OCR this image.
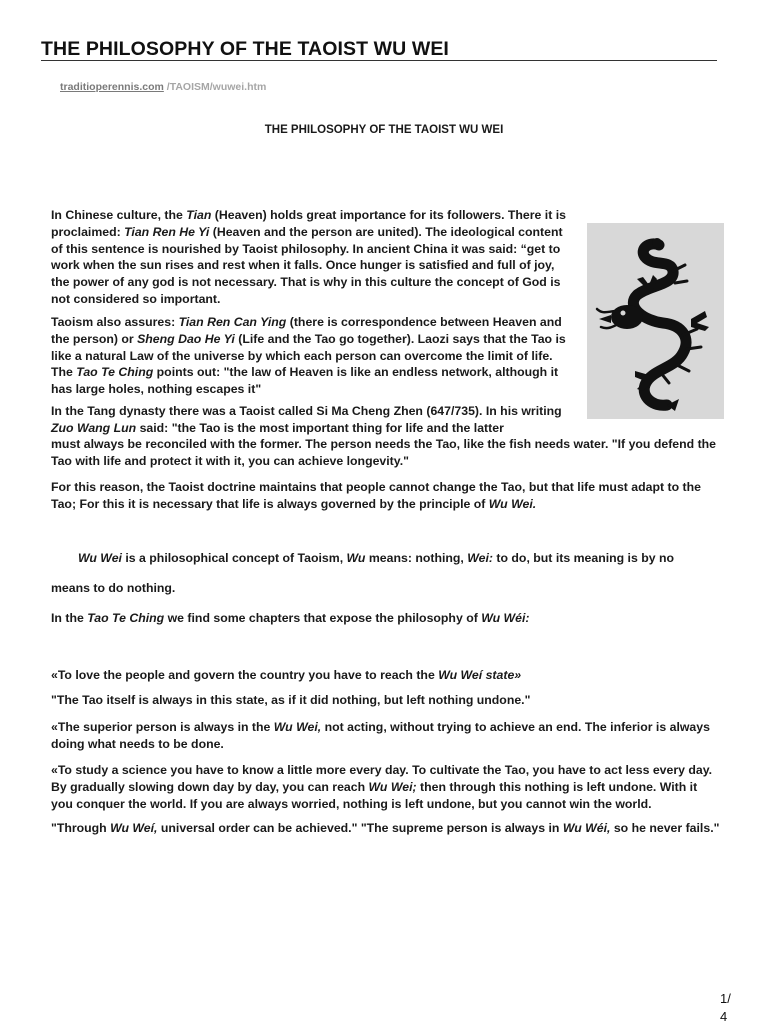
THE PHILOSOPHY OF THE TAOIST WU WEI
traditioperennis.com /TAOISM/wuwei.htm
THE PHILOSOPHY OF THE TAOIST WU WEI

In Chinese culture, the Tian (Heaven) holds great importance for its followers. There it is proclaimed: Tian Ren He Yi (Heaven and the person are united). The ideological content of this sentence is nourished by Taoist philosophy. In ancient China it was said: “get to work when the sun rises and rest when it falls. Once hunger is satisfied and full of joy, the power of any god is not necessary. That is why in this culture the concept of God is not considered so important.

Taoism also assures: Tian Ren Can Ying (there is correspondence between Heaven and the person) or Sheng Dao He Yi (Life and the Tao go together). Laozi says that the Tao is like a natural Law of the universe by which each person can overcome the limit of life. The Tao Te Ching points out: "the law of Heaven is like an endless network, although it has large holes, nothing escapes it"

In the Tang dynasty there was a Taoist called Si Ma Cheng Zhen (647/735). In his writing Zuo Wang Lun said: "the Tao is the most important thing for life and the latter

must always be reconciled with the former. The person needs the Tao, like the fish needs water. "If you defend the Tao with life and protect it with it, you can achieve longevity."

For this reason, the Taoist doctrine maintains that people cannot change the Tao, but that life must adapt to the Tao; For this it is necessary that life is always governed by the principle of Wu Wei.

Wu Wei is a philosophical concept of Taoism, Wu means: nothing, Wei: to do, but its meaning is by no

means to do nothing.

In the Tao Te Ching we find some chapters that expose the philosophy of Wu Wéi:

«To love the people and govern the country you have to reach the Wu Weí state»

"The Tao itself is always in this state, as if it did nothing, but left nothing undone."

«The superior person is always in the Wu Wei, not acting, without trying to achieve an end. The inferior is always doing what needs to be done.

«To study a science you have to know a little more every day. To cultivate the Tao, you have to act less every day. By gradually slowing down day by day, you can reach Wu Wei; then through this nothing is left undone. With it you conquer the world. If you are always worried, nothing is left undone, but you cannot win the world.

"Through Wu Weí, universal order can be achieved." "The supreme person is always in Wu Wéi, so he never fails."

1/
4
